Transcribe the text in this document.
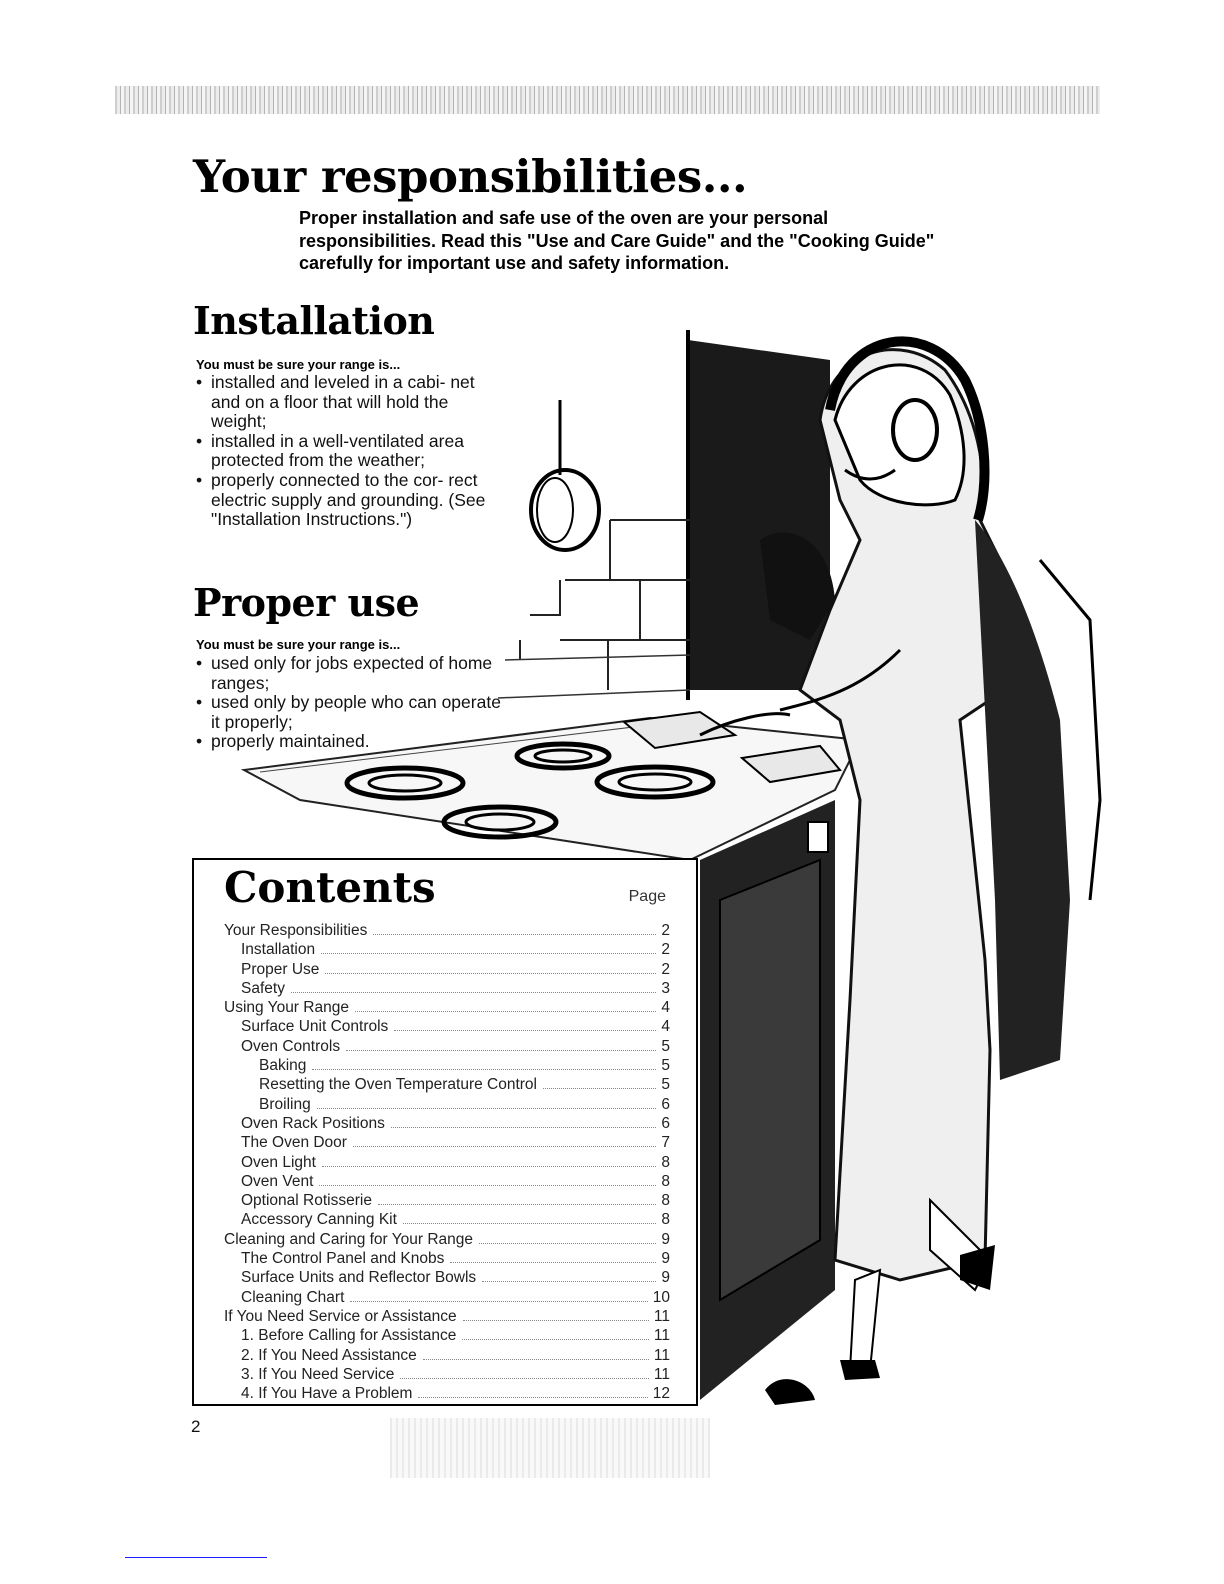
Your responsibilities...

Proper installation and safe use of the oven are your personal responsibilities. Read this "Use and Care Guide" and the "Cooking Guide" carefully for important use and safety information.

Installation

You must be sure your range is...

• installed and leveled in a cabi- net and on a floor that will hold the weight;
• installed in a well-ventilated area protected from the weather;
• properly connected to the cor- rect electric supply and grounding. (See "Installation Instructions.")
Proper use

You must be sure your range is...

• used only for jobs expected of home ranges;
• used only by people who can operate it properly;
• properly maintained.
Contents	Page
Your Responsibilities	2
Installation	2
Proper Use	2
Safety	3
Using Your Range	4
Surface Unit Controls	4
Oven Controls	5
Baking	5
Resetting the Oven Temperature Control	5
Broiling	6
Oven Rack Positions	6
The Oven Door	7
Oven Light	8
Oven Vent	8
Optional Rotisserie	8
Accessory Canning Kit	8
Cleaning and Caring for Your Range	9
The Control Panel and Knobs	9
Surface Units and Reflector Bowls	9
Cleaning Chart	10
If You Need Service or Assistance	11
1. Before Calling for Assistance	11
2. If You Need Assistance	11
3. If You Need Service	11
4. If You Have a Problem	12
2
